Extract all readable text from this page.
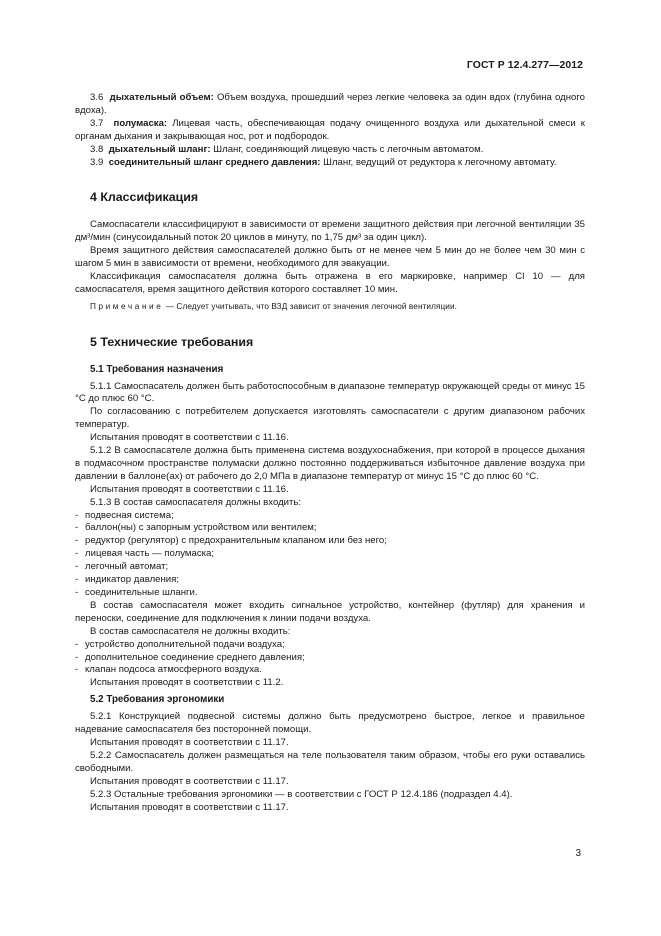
ГОСТ Р 12.4.277—2012

3.6 дыхательный объем: Объем воздуха, прошедший через легкие человека за один вдох (глубина одного вдоха).

3.7 полумаска: Лицевая часть, обеспечивающая подачу очищенного воздуха или дыхательной смеси к органам дыхания и закрывающая нос, рот и подбородок.

3.8 дыхательный шланг: Шланг, соединяющий лицевую часть с легочным автоматом.

3.9 соединительный шланг среднего давления: Шланг, ведущий от редуктора к легочному автомату.

4 Классификация

Самоспасатели классифицируют в зависимости от времени защитного действия при легочной вентиляции 35 дм³/мин (синусоидальный поток 20 циклов в минуту, по 1,75 дм³ за один цикл).

Время защитного действия самоспасателей должно быть от не менее чем 5 мин до не более чем 30 мин с шагом 5 мин в зависимости от времени, необходимого для эвакуации.

Классификация самоспасателя должна быть отражена в его маркировке, например Cl 10 — для самоспасателя, время защитного действия которого составляет 10 мин.

Примечание — Следует учитывать, что ВЗД зависит от значения легочной вентиляции.

5 Технические требования
5.1 Требования назначения

5.1.1 Самоспасатель должен быть работоспособным в диапазоне температур окружающей среды от минус 15 °С до плюс 60 °С.

По согласованию с потребителем допускается изготовлять самоспасатели с другим диапазоном рабочих температур.

Испытания проводят в соответствии с 11.16.

5.1.2 В самоспасателе должна быть применена система воздухоснабжения, при которой в процессе дыхания в подмасочном пространстве полумаски должно постоянно поддерживаться избыточное давление воздуха при давлении в баллоне(ах) от рабочего до 2,0 МПа в диапазоне температур от минус 15 °С до плюс 60 °С.

Испытания проводят в соответствии с 11.16.

5.1.3 В состав самоспасателя должны входить:

- подвесная система;
- баллон(ны) с запорным устройством или вентилем;
- редуктор (регулятор) с предохранительным клапаном или без него;
- лицевая часть — полумаска;
- легочный автомат;
- индикатор давления;
- соединительные шланги.

В состав самоспасателя может входить сигнальное устройство, контейнер (футляр) для хранения и переноски, соединение для подключения к линии подачи воздуха.

В состав самоспасателя не должны входить:

- устройство дополнительной подачи воздуха;
- дополнительное соединение среднего давления;
- клапан подсоса атмосферного воздуха.

Испытания проводят в соответствии с 11.2.

5.2 Требования эргономики

5.2.1 Конструкцией подвесной системы должно быть предусмотрено быстрое, легкое и правильное надевание самоспасателя без посторонней помощи.

Испытания проводят в соответствии с 11.17.

5.2.2 Самоспасатель должен размещаться на теле пользователя таким образом, чтобы его руки оставались свободными.

Испытания проводят в соответствии с 11.17.

5.2.3 Остальные требования эргономики — в соответствии с ГОСТ Р 12.4.186 (подраздел 4.4).

Испытания проводят в соответствии с 11.17.

3
